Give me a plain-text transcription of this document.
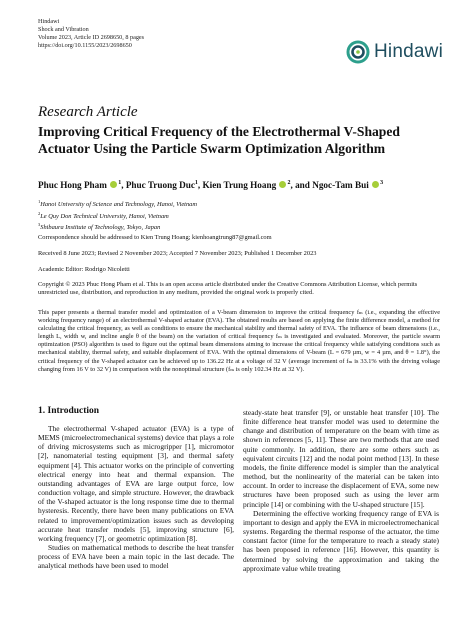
Hindawi
Shock and Vibration
Volume 2023, Article ID 2698650, 8 pages
https://doi.org/10.1155/2023/2698650	Hindawi
Research Article
Improving Critical Frequency of the Electrothermal V-Shaped Actuator Using the Particle Swarm Optimization Algorithm
Phuc Hong Pham $^1$, Phuc Truong Duc$^1$, Kien Trung Hoang $^2$, and Ngoc-Tam Bui $^3$
$^1$Hanoi University of Science and Technology, Hanoi, Vietnam
$^2$Le Quy Don Technical University, Hanoi, Vietnam
$^3$Shibaura Institute of Technology, Tokyo, Japan
Correspondence should be addressed to Kien Trung Hoang; kienhoangtrung87@gmail.com
Received 8 June 2023; Revised 2 November 2023; Accepted 7 November 2023; Published 1 December 2023
Academic Editor: Rodrigo Nicoletti
Copyright © 2023 Phuc Hong Pham et al. This is an open access article distributed under the Creative Commons Attribution License, which permits unrestricted use, distribution, and reproduction in any medium, provided the original work is properly cited.
This paper presents a thermal transfer model and optimization of a V-beam dimension to improve the critical frequency fₘ (i.e., expanding the effective working frequency range) of an electrothermal V-shaped actuator (EVA). The obtained results are based on applying the finite difference model, a method for calculating the critical frequency, as well as conditions to ensure the mechanical stability and thermal safety of EVA. The influence of beam dimensions (i.e., length L, width w, and incline angle θ of the beam) on the variation of critical frequency fₘ is investigated and evaluated. Moreover, the particle swarm optimization (PSO) algorithm is used to figure out the optimal beam dimensions aiming to increase the critical frequency while satisfying conditions such as mechanical stability, thermal safety, and suitable displacement of EVA. With the optimal dimensions of V-beam (L = 679 µm, w = 4 µm, and θ = 1.8°), the critical frequency of the V-shaped actuator can be achieved up to 136.22 Hz at a voltage of 32 V (average increment of fₘ is 33.1% with the driving voltage changing from 16 V to 32 V) in comparison with the nonoptimal structure (fₘ is only 102.34 Hz at 32 V).
1. Introduction

The electrothermal V-shaped actuator (EVA) is a type of MEMS (microelectromechanical systems) device that plays a role of driving microsystems such as microgripper [1], micromotor [2], nanomaterial testing equipment [3], and thermal safety equipment [4]. This actuator works on the principle of converting electrical energy into heat and thermal expansion. The outstanding advantages of EVA are large output force, low conduction voltage, and simple structure. However, the drawback of the V-shaped actuator is the long response time due to thermal hysteresis. Recently, there have been many publications on EVA related to improvement/optimization issues such as developing accurate heat transfer models [5], improving structure [6], working frequency [7], or geometric optimization [8].

Studies on mathematical methods to describe the heat transfer process of EVA have been a main topic in the last decade. The analytical methods have been used to model

steady-state heat transfer [9], or unstable heat transfer [10]. The finite difference heat transfer model was used to determine the change and distribution of temperature on the beam with time as shown in references [5, 11]. These are two methods that are used quite commonly. In addition, there are some others such as equivalent circuits [12] and the nodal point method [13]. In these models, the finite difference model is simpler than the analytical method, but the nonlinearity of the material can be taken into account. In order to increase the displacement of EVA, some new structures have been proposed such as using the lever arm principle [14] or combining with the U-shaped structure [15].

Determining the effective working frequency range of EVA is important to design and apply the EVA in microelectromechanical systems. Regarding the thermal response of the actuator, the time constant factor (time for the temperature to reach a steady state) has been proposed in reference [16]. However, this quantity is determined by solving the approximation and taking the approximate value while treating
